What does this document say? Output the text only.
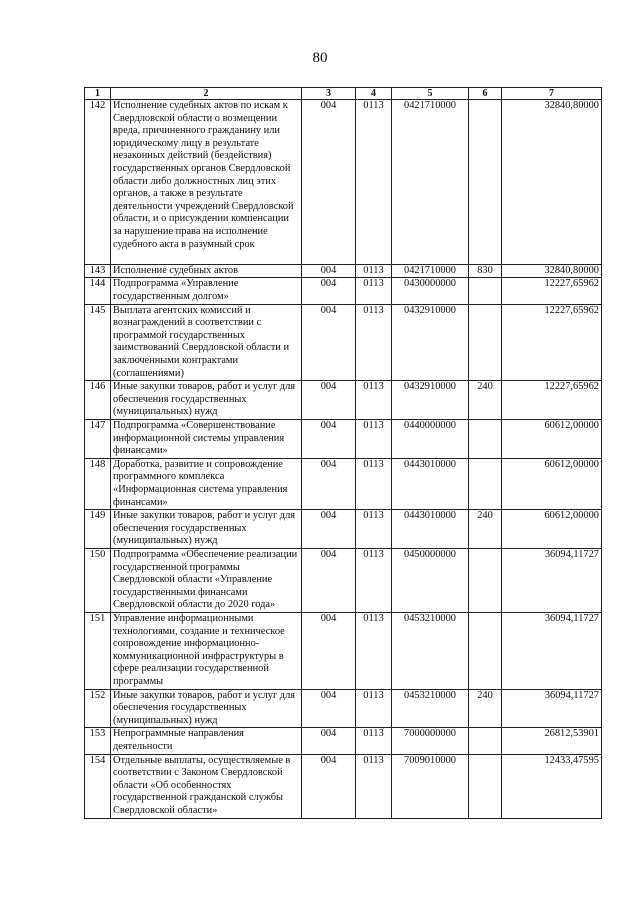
80
1	2	3	4	5	6	7
142	Исполнение судебных актов по искам к Свердловской области о возмещении вреда, причиненного гражданину или юридическому лицу в результате незаконных действий (бездействия) государственных органов Свердловской области либо должностных лиц этих органов, а также в результате деятельности учреждений Свердловской области, и о присуждении компенсации за нарушение права на исполнение судебного акта в разумный срок	004	0113	0421710000		32840,80000
143	Исполнение судебных актов	004	0113	0421710000	830	32840,80000
144	Подпрограмма «Управление государственным долгом»	004	0113	0430000000		12227,65962
145	Выплата агентских комиссий и вознаграждений в соответствии с программой государственных заимствований Свердловской области и заключенными контрактами (соглашениями)	004	0113	0432910000		12227,65962
146	Иные закупки товаров, работ и услуг для обеспечения государственных (муниципальных) нужд	004	0113	0432910000	240	12227,65962
147	Подпрограмма «Совершенствование информационной системы управления финансами»	004	0113	0440000000		60612,00000
148	Доработка, развитие и сопровождение программного комплекса «Информационная система управления финансами»	004	0113	0443010000		60612,00000
149	Иные закупки товаров, работ и услуг для обеспечения государственных (муниципальных) нужд	004	0113	0443010000	240	60612,00000
150	Подпрограмма «Обеспечение реализации государственной программы Свердловской области «Управление государственными финансами Свердловской области до 2020 года»	004	0113	0450000000		36094,11727
151	Управление информационными технологиями, создание и техническое сопровождение информационно-коммуникационной инфраструктуры в сфере реализации государственной программы	004	0113	0453210000		36094,11727
152	Иные закупки товаров, работ и услуг для обеспечения государственных (муниципальных) нужд	004	0113	0453210000	240	36094,11727
153	Непрограммные направления деятельности	004	0113	7000000000		26812,53901
154	Отдельные выплаты, осуществляемые в соответствии с Законом Свердловской области «Об особенностях государственной гражданской службы Свердловской области»	004	0113	7009010000		12433,47595
